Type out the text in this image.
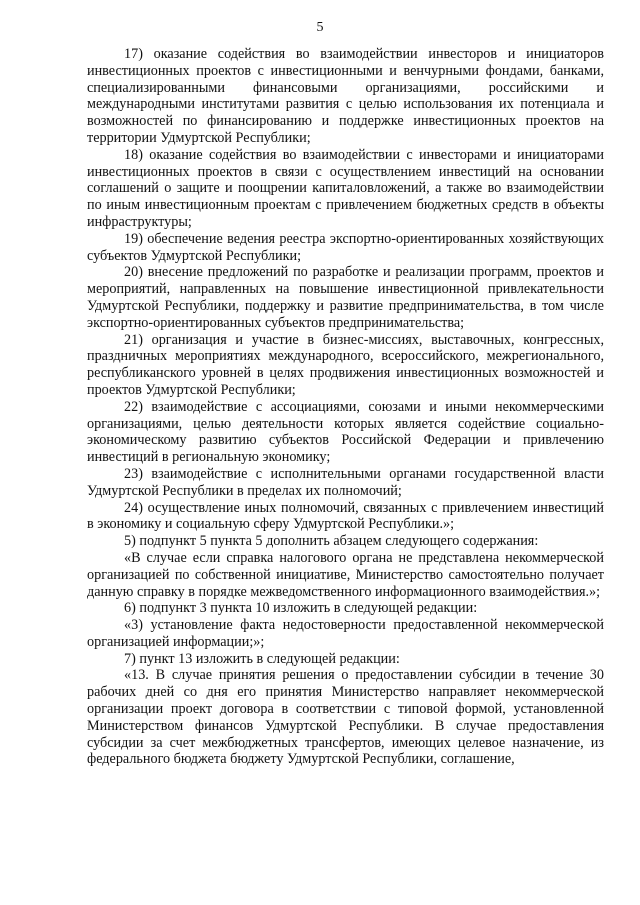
5

17) оказание содействия во взаимодействии инвесторов и инициаторов инвестиционных проектов с инвестиционными и венчурными фондами, банками, специализированными финансовыми организациями, российскими и международными институтами развития с целью использования их потенциала и возможностей по финансированию и поддержке инвестиционных проектов на территории Удмуртской Республики;

18) оказание содействия во взаимодействии с инвесторами и инициаторами инвестиционных проектов в связи с осуществлением инвестиций на основании соглашений о защите и поощрении капиталовложений, а также во взаимодействии по иным инвестиционным проектам с привлечением бюджетных средств в объекты инфраструктуры;

19) обеспечение ведения реестра экспортно-ориентированных хозяйствующих субъектов Удмуртской Республики;

20) внесение предложений по разработке и реализации программ, проектов и мероприятий, направленных на повышение инвестиционной привлекательности Удмуртской Республики, поддержку и развитие предпринимательства, в том числе экспортно-ориентированных субъектов предпринимательства;

21) организация и участие в бизнес-миссиях, выставочных, конгрессных, праздничных мероприятиях международного, всероссийского, межрегионального, республиканского уровней в целях продвижения инвестиционных возможностей и проектов Удмуртской Республики;

22) взаимодействие с ассоциациями, союзами и иными некоммерческими организациями, целью деятельности которых является содействие социально-экономическому развитию субъектов Российской Федерации и привлечению инвестиций в региональную экономику;

23) взаимодействие с исполнительными органами государственной власти Удмуртской Республики в пределах их полномочий;

24) осуществление иных полномочий, связанных с привлечением инвестиций в экономику и социальную сферу Удмуртской Республики.»;

5) подпункт 5 пункта 5 дополнить абзацем следующего содержания:

«В случае если справка налогового органа не представлена некоммерческой организацией по собственной инициативе, Министерство самостоятельно получает данную справку в порядке межведомственного информационного взаимодействия.»;

6) подпункт 3 пункта 10 изложить в следующей редакции:

«3) установление факта недостоверности предоставленной некоммерческой организацией информации;»;

7) пункт 13 изложить в следующей редакции:

«13. В случае принятия решения о предоставлении субсидии в течение 30 рабочих дней со дня его принятия Министерство направляет некоммерческой организации проект договора в соответствии с типовой формой, установленной Министерством финансов Удмуртской Республики. В случае предоставления субсидии за счет межбюджетных трансфертов, имеющих целевое назначение, из федерального бюджета бюджету Удмуртской Республики, соглашение,
